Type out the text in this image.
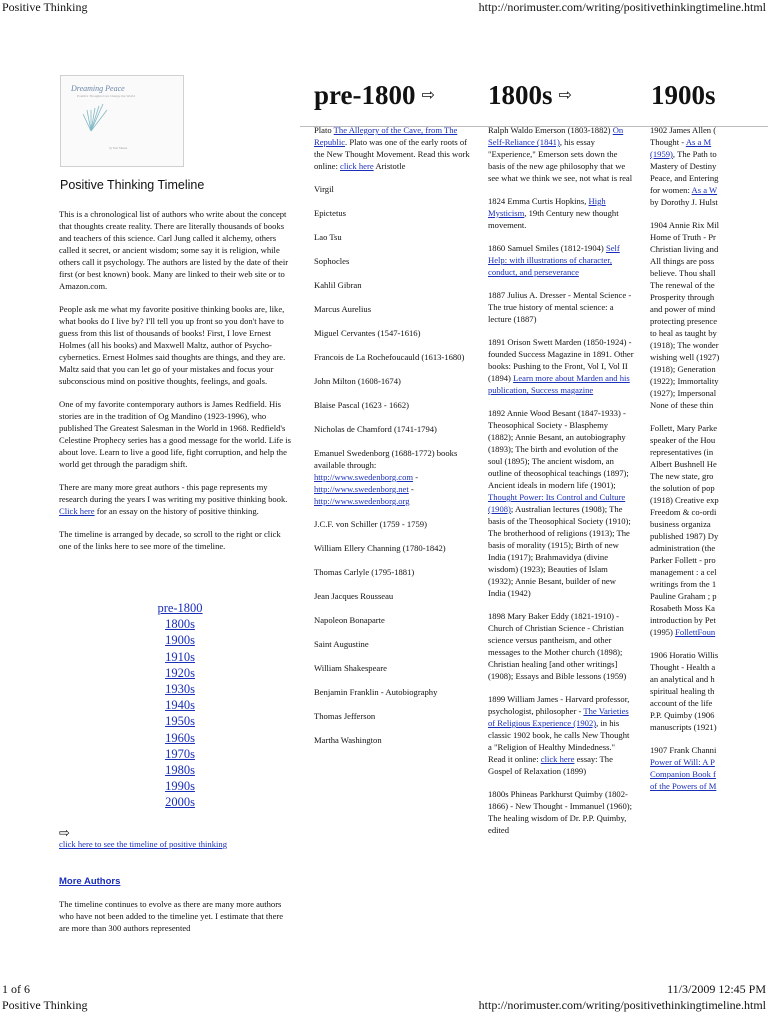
Positive Thinking	http://norimuster.com/writing/positivethinkingtimeline.html
Dreaming Peace
Positive Thoughts Can Change the World
by Nori Muster
Positive Thinking Timeline

This is a chronological list of authors who write about the concept that thoughts create reality. There are literally thousands of books and teachers of this science. Carl Jung called it alchemy, others called it secret, or ancient wisdom; some say it is religion, while others call it psychology. The authors are listed by the date of their first (or best known) book. Many are linked to their web site or to Amazon.com.

People ask me what my favorite positive thinking books are, like, what books do I live by? I'll tell you up front so you don't have to guess from this list of thousands of books! First, I love Ernest Holmes (all his books) and Maxwell Maltz, author of Psycho-cybernetics. Ernest Holmes said thoughts are things, and they are. Maltz said that you can let go of your mistakes and focus your subconscious mind on positive thoughts, feelings, and goals.

One of my favorite contemporary authors is James Redfield. His stories are in the tradition of Og Mandino (1923-1996), who published The Greatest Salesman in the World in 1968. Redfield's Celestine Prophecy series has a good message for the world. Life is about love. Learn to live a good life, fight corruption, and help the world get through the paradigm shift.

There are many more great authors - this page represents my research during the years I was writing my positive thinking book. Click here for an essay on the history of positive thinking.

The timeline is arranged by decade, so scroll to the right or click one of the links here to see more of the timeline.

pre-1800
1800s
1900s
1910s
1920s
1930s
1940s
1950s
1960s
1970s
1980s
1990s
2000s
⇨
click here to see the timeline of positive thinking
More Authors

The timeline continues to evolve as there are many more authors who have not been added to the timeline yet. I estimate that there are more than 300 authors represented

pre-1800 ⇨ 1800s ⇨	1900s

Plato The Allegory of the Cave, from The Republic. Plato was one of the early roots of the New Thought Movement. Read this work online: click here Aristotle

Virgil

Epictetus

Lao Tsu

Sophocles

Kahlil Gibran

Marcus Aurelius

Miguel Cervantes (1547-1616)

Francois de La Rochefoucauld (1613-1680)

John Milton (1608-1674)

Blaise Pascal (1623 - 1662)

Nicholas de Chamford (1741-1794)

Emanuel Swedenborg (1688-1772) books available through:
http://www.swedenborg.com -
http://www.swedenborg.net -
http://www.swedenborg.org

J.C.F. von Schiller (1759 - 1759)

William Ellery Channing (1780-1842)

Thomas Carlyle (1795-1881)

Jean Jacques Rousseau

Napoleon Bonaparte

Saint Augustine

William Shakespeare

Benjamin Franklin - Autobiography

Thomas Jefferson

Martha Washington

Ralph Waldo Emerson (1803-1882) On Self-Reliance (1841), his essay "Experience," Emerson sets down the basis of the new age philosophy that we see what we think we see, not what is real

1824 Emma Curtis Hopkins, High Mysticism, 19th Century new thought movement.

1860 Samuel Smiles (1812-1904) Self Help: with illustrations of character, conduct, and perseverance

1887 Julius A. Dresser - Mental Science - The true history of mental science: a lecture (1887)

1891 Orison Swett Marden (1850-1924) - founded Success Magazine in 1891. Other books: Pushing to the Front, Vol I, Vol II (1894) Learn more about Marden and his publication, Success magazine

1892 Annie Wood Besant (1847-1933) - Theosophical Society - Blasphemy (1882); Annie Besant, an autobiography (1893); The birth and evolution of the soul (1895); The ancient wisdom, an outline of theosophical teachings (1897); Ancient ideals in modern life (1901); Thought Power: Its Control and Culture (1908); Australian lectures (1908); The basis of the Theosophical Society (1910); The brotherhood of religions (1913); The basis of morality (1915); Birth of new India (1917); Brahmavidya (divine wisdom) (1923); Beauties of Islam (1932); Annie Besant, builder of new India (1942)

1898 Mary Baker Eddy (1821-1910) - Church of Christian Science - Christian science versus pantheism, and other messages to the Mother church (1898); Christian healing [and other writings] (1908); Essays and Bible lessons (1959)

1899 William James - Harvard professor, psychologist, philosopher - The Varieties of Religious Experience (1902), in his classic 1902 book, he calls New Thought a "Religion of Healthy Mindedness." Read it online: click here essay: The Gospel of Relaxation (1899)

1800s Phineas Parkhurst Quimby (1802-1866) - New Thought - Immanuel (1960); The healing wisdom of Dr. P.P. Quimby, edited

1902 James Allen (
Thought - As a M
(1959), The Path to
Mastery of Destiny
Peace, and Entering
for women: As a W
by Dorothy J. Hulst

1904 Annie Rix Mil
Home of Truth - Pr
Christian living and
All things are poss
believe. Thou shall
The renewal of the
Prosperity through
and power of mind
protecting presence
to heal as taught by
(1918); The wonder
wishing well (1927)
(1918); Generation
(1922); Immortality
(1927); Impersonal
None of these thin

Follett, Mary Parke
speaker of the Hou
representatives (in
Albert Bushnell He
The new state, gro
the solution of pop
(1918) Creative exp
Freedom & co-ordi
business organiza
published 1987) Dy
administration (the
Parker Follett - pro
management : a cel
writings from the 1
Pauline Graham ; p
Rosabeth Moss Ka
introduction by Pet
(1995) FollettFoun

1906 Horatio Willis
Thought - Health a
an analytical and h
spiritual healing th
account of the life
P.P. Quimby (1906
manuscripts (1921)

1907 Frank Channi
Power of Will: A P
Companion Book f
of the Powers of M

1 of 6	11/3/2009 12:45 PM
Positive Thinking	http://norimuster.com/writing/positivethinkingtimeline.html
